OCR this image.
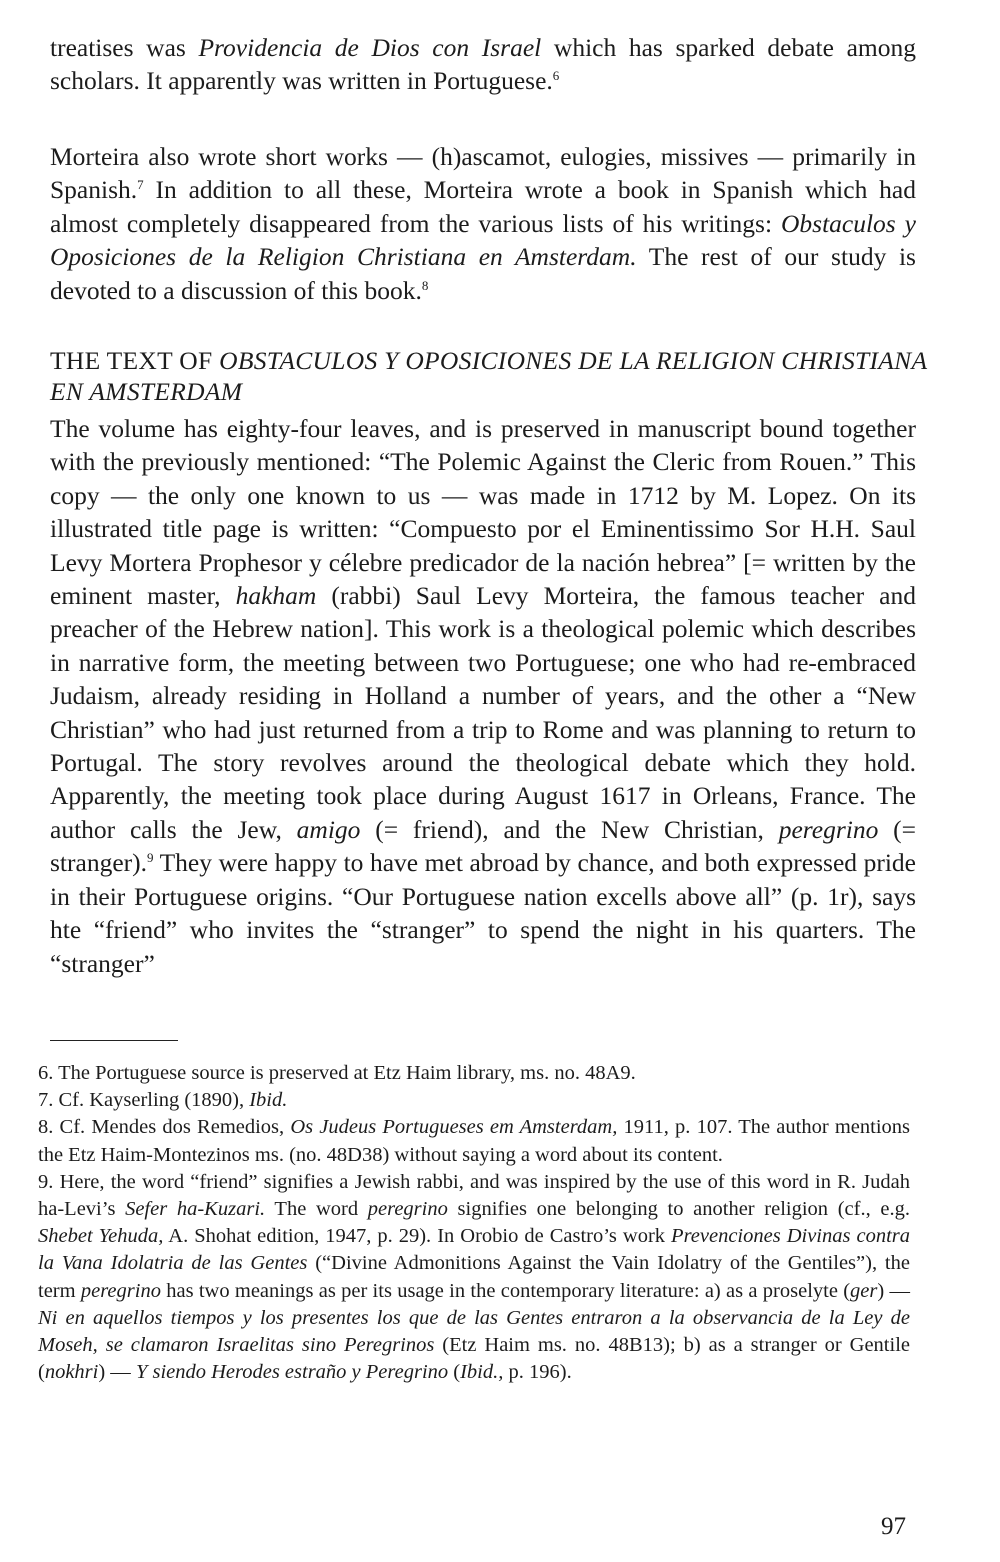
treatises was Providencia de Dios con Israel which has sparked debate among scholars. It apparently was written in Portuguese.$^6$

Morteira also wrote short works — (h)ascamot, eulogies, missives — primarily in Spanish.$^7$ In addition to all these, Morteira wrote a book in Spanish which had almost completely disappeared from the various lists of his writings: Obstaculos y Oposiciones de la Religion Christiana en Amsterdam. The rest of our study is devoted to a discussion of this book.$^8$

THE TEXT OF OBSTACULOS Y OPOSICIONES DE LA RELIGION CHRISTIANA EN AMSTERDAM

The volume has eighty-four leaves, and is preserved in manuscript bound together with the previously mentioned: “The Polemic Against the Cleric from Rouen.” This copy — the only one known to us — was made in 1712 by M. Lopez. On its illustrated title page is written: “Compuesto por el Eminentissimo Sor H.H. Saul Levy Mortera Prophesor y célebre predicador de la nación hebrea” [= written by the eminent master, hakham (rabbi) Saul Levy Morteira, the famous teacher and preacher of the Hebrew nation]. This work is a theological polemic which describes in narrative form, the meeting between two Portuguese; one who had re-embraced Judaism, already residing in Holland a number of years, and the other a “New Christian” who had just returned from a trip to Rome and was planning to return to Portugal. The story revolves around the theological debate which they hold. Apparently, the meeting took place during August 1617 in Orleans, France. The author calls the Jew, amigo (= friend), and the New Christian, peregrino (= stranger).$^9$ They were happy to have met abroad by chance, and both expressed pride in their Portuguese origins. “Our Portuguese nation excells above all” (p. 1r), says hte “friend” who invites the “stranger” to spend the night in his quarters. The “stranger”

6. The Portuguese source is preserved at Etz Haim library, ms. no. 48A9.

7. Cf. Kayserling (1890), Ibid.

8. Cf. Mendes dos Remedios, Os Judeus Portugueses em Amsterdam, 1911, p. 107. The author mentions the Etz Haim-Montezinos ms. (no. 48D38) without saying a word about its content.

9. Here, the word “friend” signifies a Jewish rabbi, and was inspired by the use of this word in R. Judah ha-Levi’s Sefer ha-Kuzari. The word peregrino signifies one belonging to another religion (cf., e.g. Shebet Yehuda, A. Shohat edition, 1947, p. 29). In Orobio de Castro’s work Prevenciones Divinas contra la Vana Idolatria de las Gentes (“Divine Admonitions Against the Vain Idolatry of the Gentiles”), the term peregrino has two meanings as per its usage in the contemporary literature: a) as a proselyte (ger) — Ni en aquellos tiempos y los presentes los que de las Gentes entraron a la observancia de la Ley de Moseh, se clamaron Israelitas sino Peregrinos (Etz Haim ms. no. 48B13); b) as a stranger or Gentile (nokhri) — Y siendo Herodes estraño y Peregrino (Ibid., p. 196).

97
